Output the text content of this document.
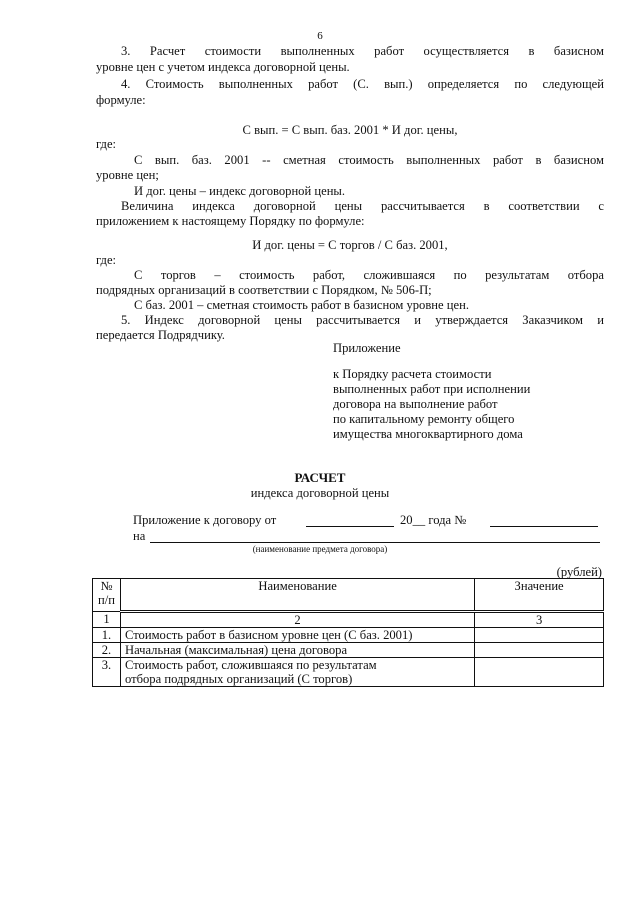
6
3. Расчет стоимости выполненных работ осуществляется в базисном
уровне цен с учетом индекса договорной цены.
4. Стоимость выполненных работ (С. вып.) определяется по следующей
формуле:
С вып. = С вып. баз. 2001 * И дог. цены,
где:
С вып. баз. 2001 -- сметная стоимость выполненных работ в базисном
уровне цен;
И дог. цены – индекс договорной цены.
Величина индекса договорной цены рассчитывается в соответствии с
приложением к настоящему Порядку по формуле:
И дог. цены = С торгов / С баз. 2001,
где:
С торгов – стоимость работ, сложившаяся по результатам отбора
подрядных организаций в соответствии с Порядком, № 506-П;
С баз. 2001 – сметная стоимость работ в базисном уровне цен.
5. Индекс договорной цены рассчитывается и утверждается Заказчиком и
передается Подрядчику.
Приложение
к Порядку расчета стоимости
выполненных работ при исполнении
договора на выполнение работ
по капитальному ремонту общего
имущества многоквартирного дома
РАСЧЕТ
индекса договорной цены
Приложение к договору от	20__ года №
на
(наименование предмета договора)
(рублей)
№ п/п	Наименование	Значение
1	2	3
1.	Стоимость работ в базисном уровне цен (С баз. 2001)	
2.	Начальная (максимальная) цена договора	
3.	Стоимость работ, сложившаяся по результатам
отбора подрядных организаций (С торгов)	
